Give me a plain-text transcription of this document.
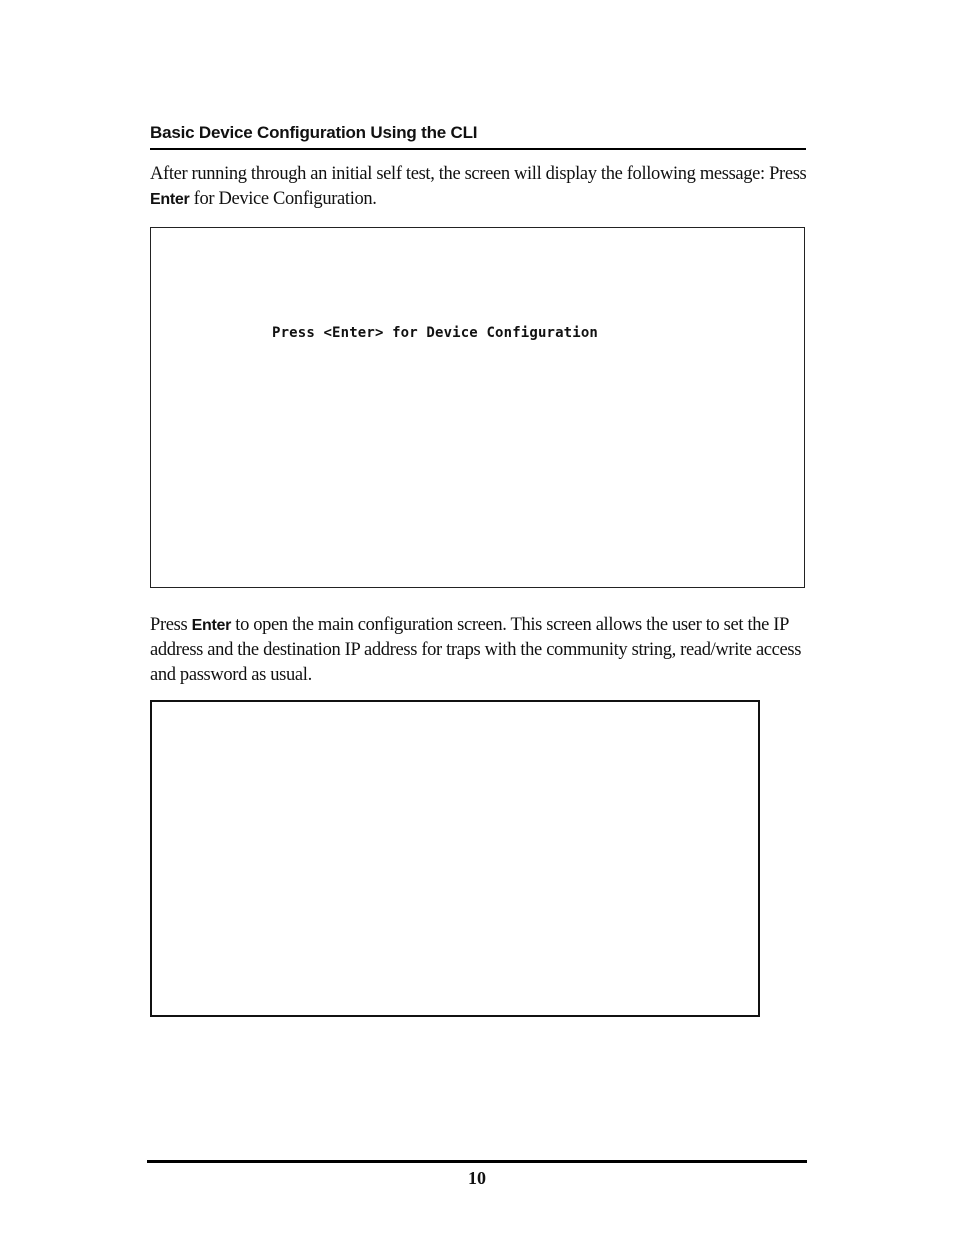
Basic Device Configuration Using the CLI

After running through an initial self test, the screen will display the following message: Press Enter for Device Configuration.

Press <Enter> for Device Configuration

Press Enter to open the main configuration screen. This screen allows the user to set the IP address and the destination IP address for traps with the community string, read/write access and password as usual.

10
